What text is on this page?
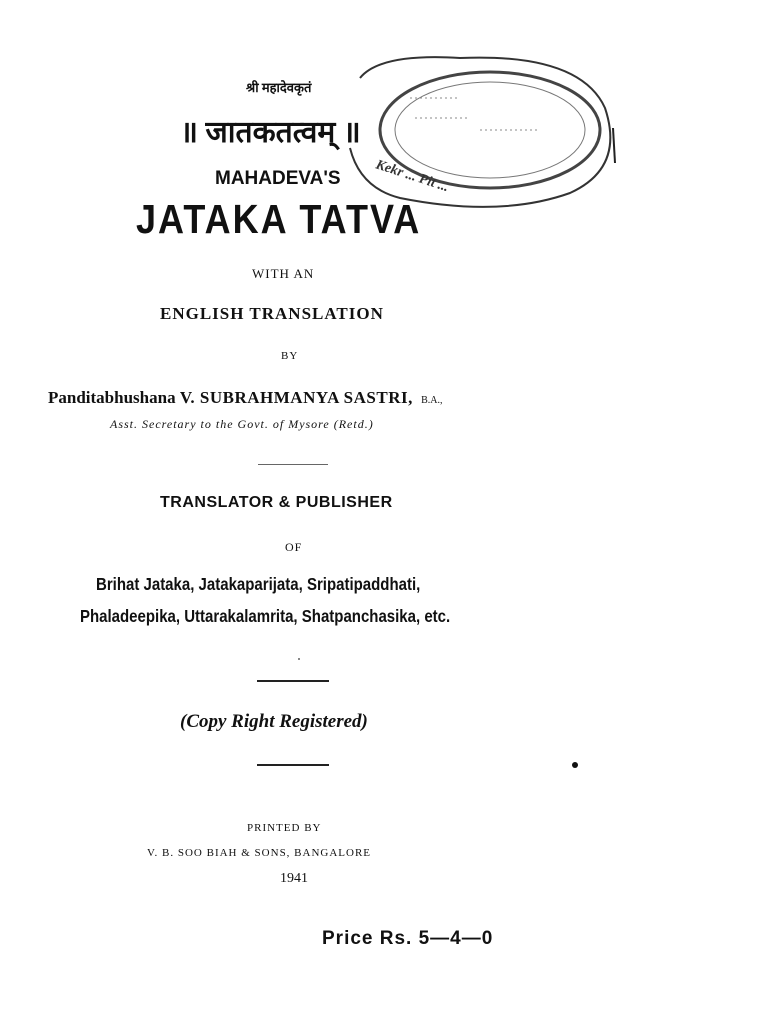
Kekr ... Pit ...
श्री महादेवकृतं
॥ जातकतत्वम् ॥
MAHADEVA'S
JATAKA TATVA
WITH AN
ENGLISH TRANSLATION
BY
Panditabhushana V. SUBRAHMANYA SASTRI, B.A.,
Asst. Secretary to the Govt. of Mysore (Retd.)
TRANSLATOR & PUBLISHER
OF
Brihat Jataka, Jatakaparijata, Sripatipaddhati,
Phaladeepika, Uttarakalamrita, Shatpanchasika, etc.
(Copy Right Registered)
PRINTED BY
V. B. SOO BIAH & SONS, BANGALORE
1941
Price Rs. 5—4—0
